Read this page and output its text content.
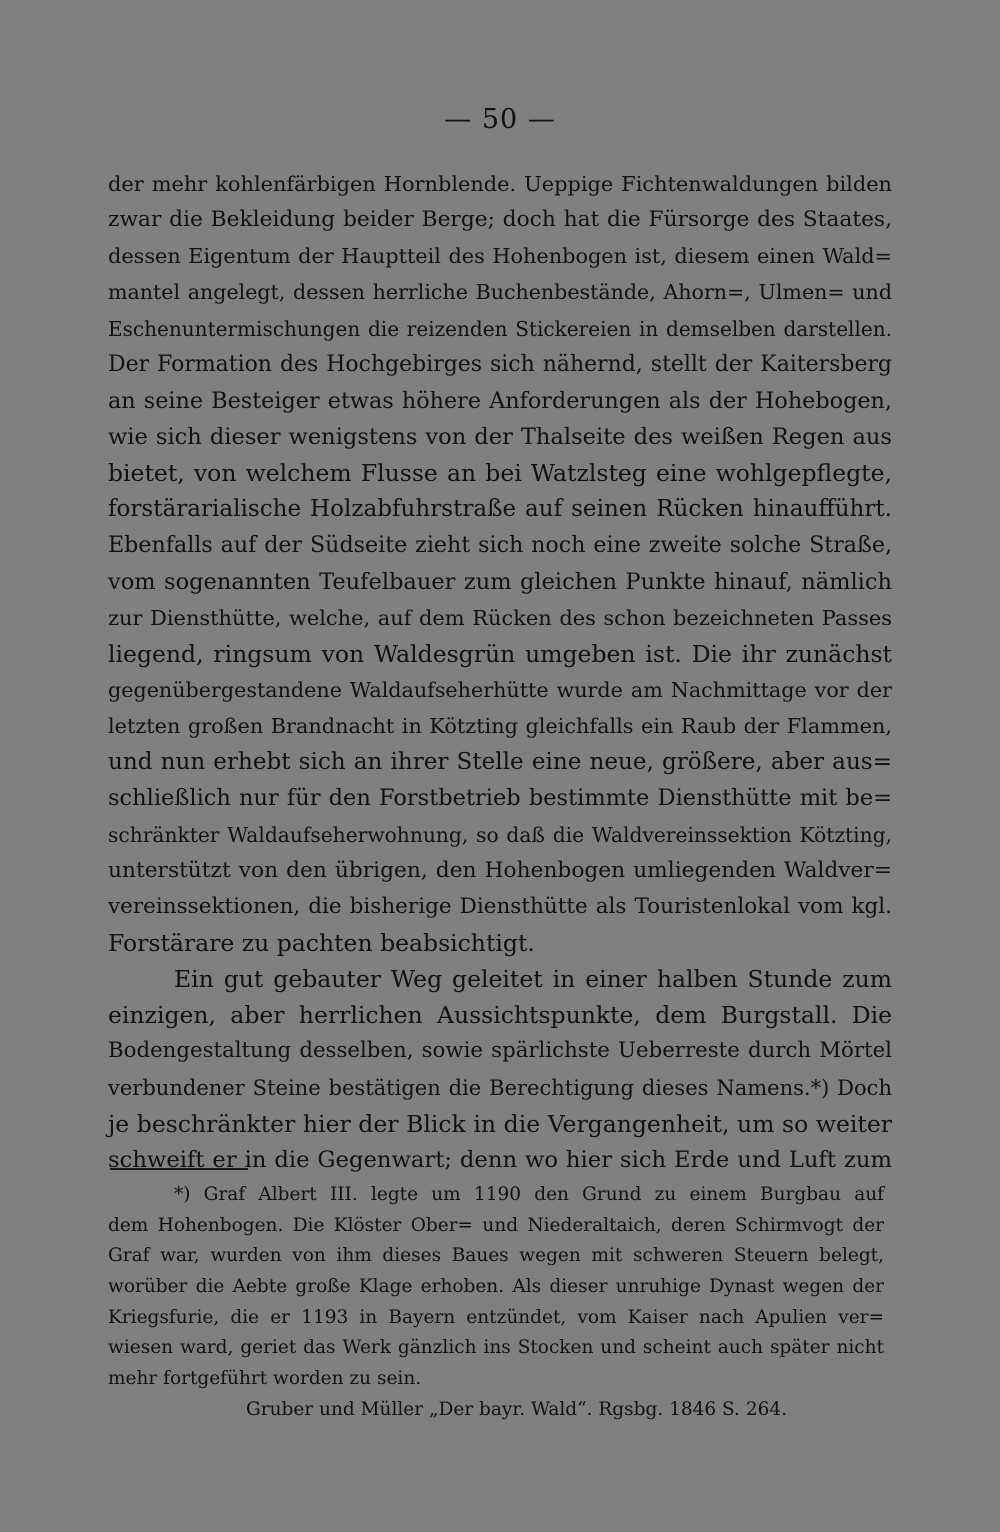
— 50 —
der mehr kohlenfärbigen Hornblende. Ueppige Fichtenwaldungen bilden
zwar die Bekleidung beider Berge; doch hat die Fürsorge des Staates,
dessen Eigentum der Hauptteil des Hohenbogen ist, diesem einen Wald=
mantel angelegt, dessen herrliche Buchenbestände, Ahorn=, Ulmen= und
Eschenuntermischungen die reizenden Stickereien in demselben darstellen.
Der Formation des Hochgebirges sich nähernd, stellt der Kaitersberg
an seine Besteiger etwas höhere Anforderungen als der Hohebogen,
wie sich dieser wenigstens von der Thalseite des weißen Regen aus
bietet, von welchem Flusse an bei Watzlsteg eine wohlgepflegte,
forstärarialische Holzabfuhrstraße auf seinen Rücken hinaufführt.
Ebenfalls auf der Südseite zieht sich noch eine zweite solche Straße,
vom sogenannten Teufelbauer zum gleichen Punkte hinauf, nämlich
zur Diensthütte, welche, auf dem Rücken des schon bezeichneten Passes
liegend, ringsum von Waldesgrün umgeben ist. Die ihr zunächst
gegenübergestandene Waldaufseherhütte wurde am Nachmittage vor der
letzten großen Brandnacht in Kötzting gleichfalls ein Raub der Flammen,
und nun erhebt sich an ihrer Stelle eine neue, größere, aber aus=
schließlich nur für den Forstbetrieb bestimmte Diensthütte mit be=
schränkter Waldaufseherwohnung, so daß die Waldvereinssektion Kötzting,
unterstützt von den übrigen, den Hohenbogen umliegenden Waldver=
vereinssektionen, die bisherige Diensthütte als Touristenlokal vom kgl.
Forstärare zu pachten beabsichtigt.
Ein gut gebauter Weg geleitet in einer halben Stunde zum
einzigen, aber herrlichen Aussichtspunkte, dem Burgstall. Die
Bodengestaltung desselben, sowie spärlichste Ueberreste durch Mörtel
verbundener Steine bestätigen die Berechtigung dieses Namens.*) Doch
je beschränkter hier der Blick in die Vergangenheit, um so weiter
schweift er in die Gegenwart; denn wo hier sich Erde und Luft zum
*) Graf Albert III. legte um 1190 den Grund zu einem Burgbau auf
dem Hohenbogen. Die Klöster Ober= und Niederaltaich, deren Schirmvogt der
Graf war, wurden von ihm dieses Baues wegen mit schweren Steuern belegt,
worüber die Aebte große Klage erhoben. Als dieser unruhige Dynast wegen der
Kriegsfurie, die er 1193 in Bayern entzündet, vom Kaiser nach Apulien ver=
wiesen ward, geriet das Werk gänzlich ins Stocken und scheint auch später nicht
mehr fortgeführt worden zu sein.
Gruber und Müller „Der bayr. Wald“. Rgsbg. 1846 S. 264.
